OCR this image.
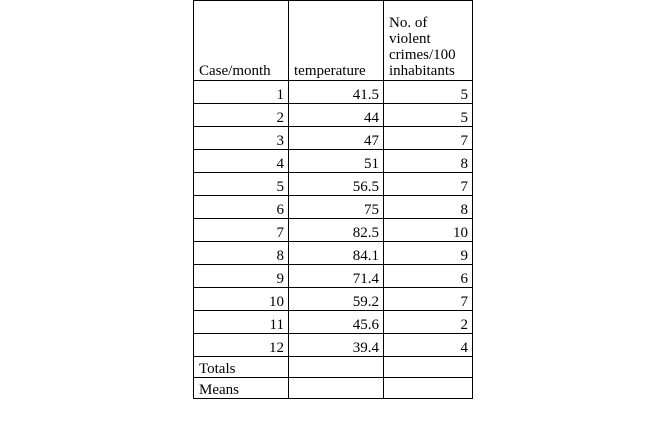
Case/month	temperature	No. of violent crimes/100 inhabitants
1	41.5	5
2	44	5
3	47	7
4	51	8
5	56.5	7
6	75	8
7	82.5	10
8	84.1	9
9	71.4	6
10	59.2	7
11	45.6	2
12	39.4	4
Totals		
Means		
